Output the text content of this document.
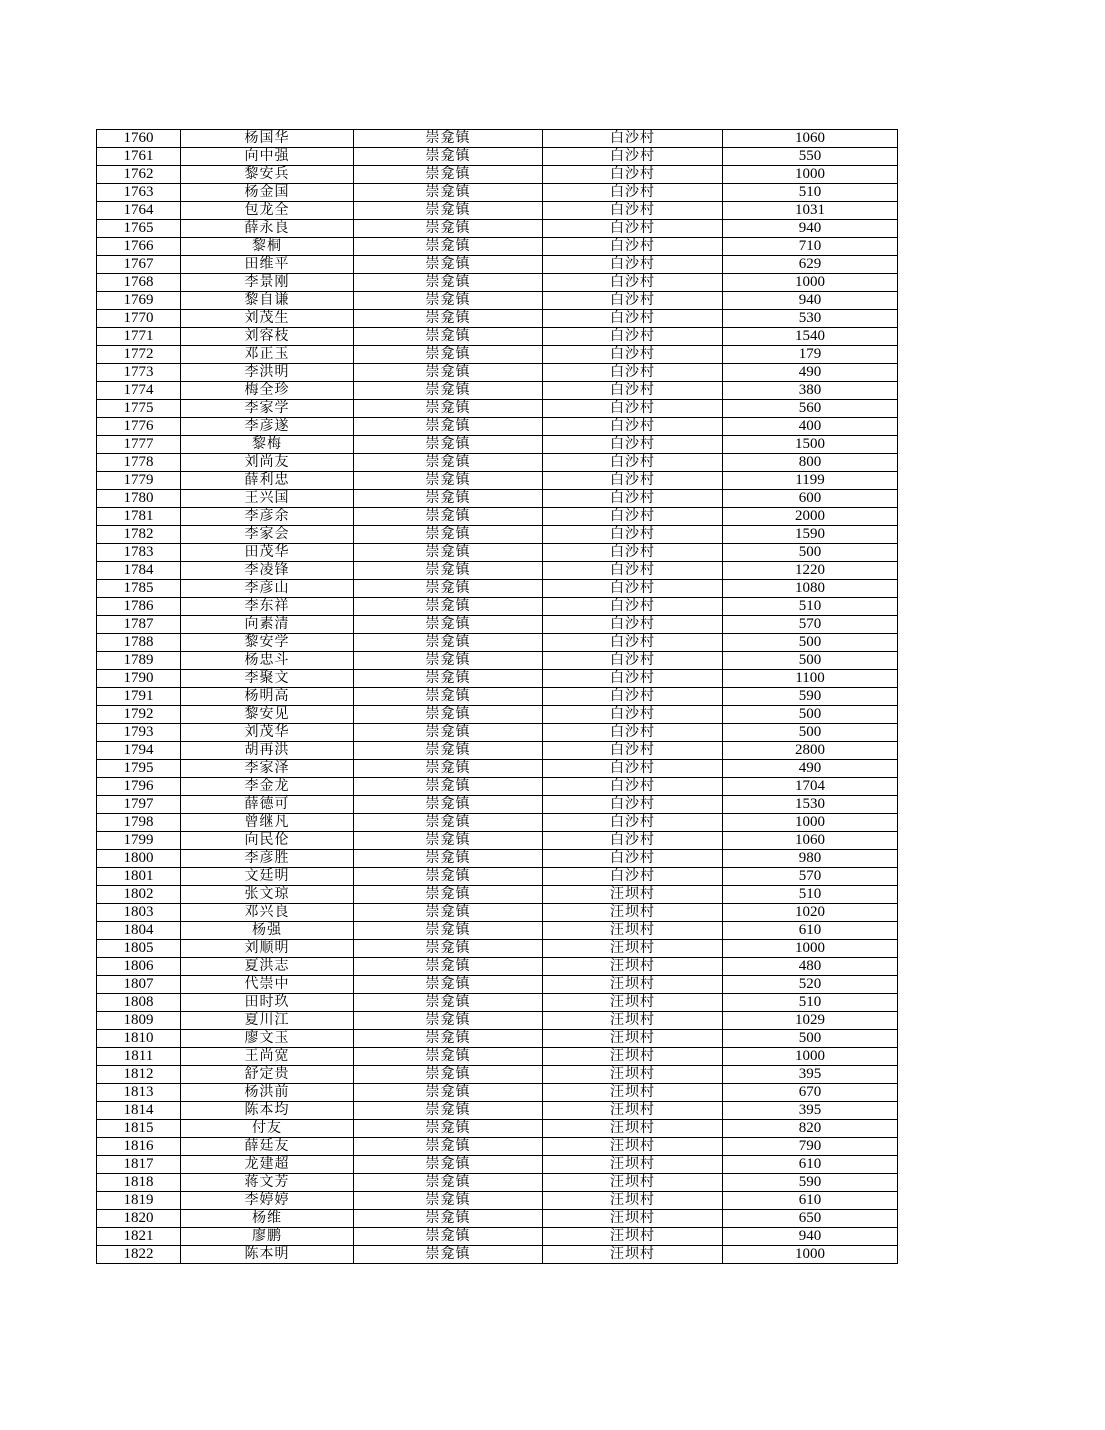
1760	杨国华	崇龛镇	白沙村	1060
1761	向中强	崇龛镇	白沙村	550
1762	黎安兵	崇龛镇	白沙村	1000
1763	杨金国	崇龛镇	白沙村	510
1764	包龙全	崇龛镇	白沙村	1031
1765	薛永良	崇龛镇	白沙村	940
1766	黎桐	崇龛镇	白沙村	710
1767	田维平	崇龛镇	白沙村	629
1768	李景刚	崇龛镇	白沙村	1000
1769	黎自谦	崇龛镇	白沙村	940
1770	刘茂生	崇龛镇	白沙村	530
1771	刘容枝	崇龛镇	白沙村	1540
1772	邓正玉	崇龛镇	白沙村	179
1773	李洪明	崇龛镇	白沙村	490
1774	梅全珍	崇龛镇	白沙村	380
1775	李家学	崇龛镇	白沙村	560
1776	李彦遂	崇龛镇	白沙村	400
1777	黎梅	崇龛镇	白沙村	1500
1778	刘尚友	崇龛镇	白沙村	800
1779	薛利忠	崇龛镇	白沙村	1199
1780	王兴国	崇龛镇	白沙村	600
1781	李彦余	崇龛镇	白沙村	2000
1782	李家会	崇龛镇	白沙村	1590
1783	田茂华	崇龛镇	白沙村	500
1784	李凌锋	崇龛镇	白沙村	1220
1785	李彦山	崇龛镇	白沙村	1080
1786	李东祥	崇龛镇	白沙村	510
1787	向素清	崇龛镇	白沙村	570
1788	黎安学	崇龛镇	白沙村	500
1789	杨忠斗	崇龛镇	白沙村	500
1790	李聚文	崇龛镇	白沙村	1100
1791	杨明高	崇龛镇	白沙村	590
1792	黎安见	崇龛镇	白沙村	500
1793	刘茂华	崇龛镇	白沙村	500
1794	胡再洪	崇龛镇	白沙村	2800
1795	李家泽	崇龛镇	白沙村	490
1796	李金龙	崇龛镇	白沙村	1704
1797	薛德可	崇龛镇	白沙村	1530
1798	曾继凡	崇龛镇	白沙村	1000
1799	向民伦	崇龛镇	白沙村	1060
1800	李彦胜	崇龛镇	白沙村	980
1801	文廷明	崇龛镇	白沙村	570
1802	张文琼	崇龛镇	汪坝村	510
1803	邓兴良	崇龛镇	汪坝村	1020
1804	杨强	崇龛镇	汪坝村	610
1805	刘顺明	崇龛镇	汪坝村	1000
1806	夏洪志	崇龛镇	汪坝村	480
1807	代崇中	崇龛镇	汪坝村	520
1808	田时玖	崇龛镇	汪坝村	510
1809	夏川江	崇龛镇	汪坝村	1029
1810	廖文玉	崇龛镇	汪坝村	500
1811	王尚宽	崇龛镇	汪坝村	1000
1812	舒定贵	崇龛镇	汪坝村	395
1813	杨洪前	崇龛镇	汪坝村	670
1814	陈本均	崇龛镇	汪坝村	395
1815	付友	崇龛镇	汪坝村	820
1816	薛廷友	崇龛镇	汪坝村	790
1817	龙建超	崇龛镇	汪坝村	610
1818	蒋文芳	崇龛镇	汪坝村	590
1819	李婷婷	崇龛镇	汪坝村	610
1820	杨维	崇龛镇	汪坝村	650
1821	廖鹏	崇龛镇	汪坝村	940
1822	陈本明	崇龛镇	汪坝村	1000
